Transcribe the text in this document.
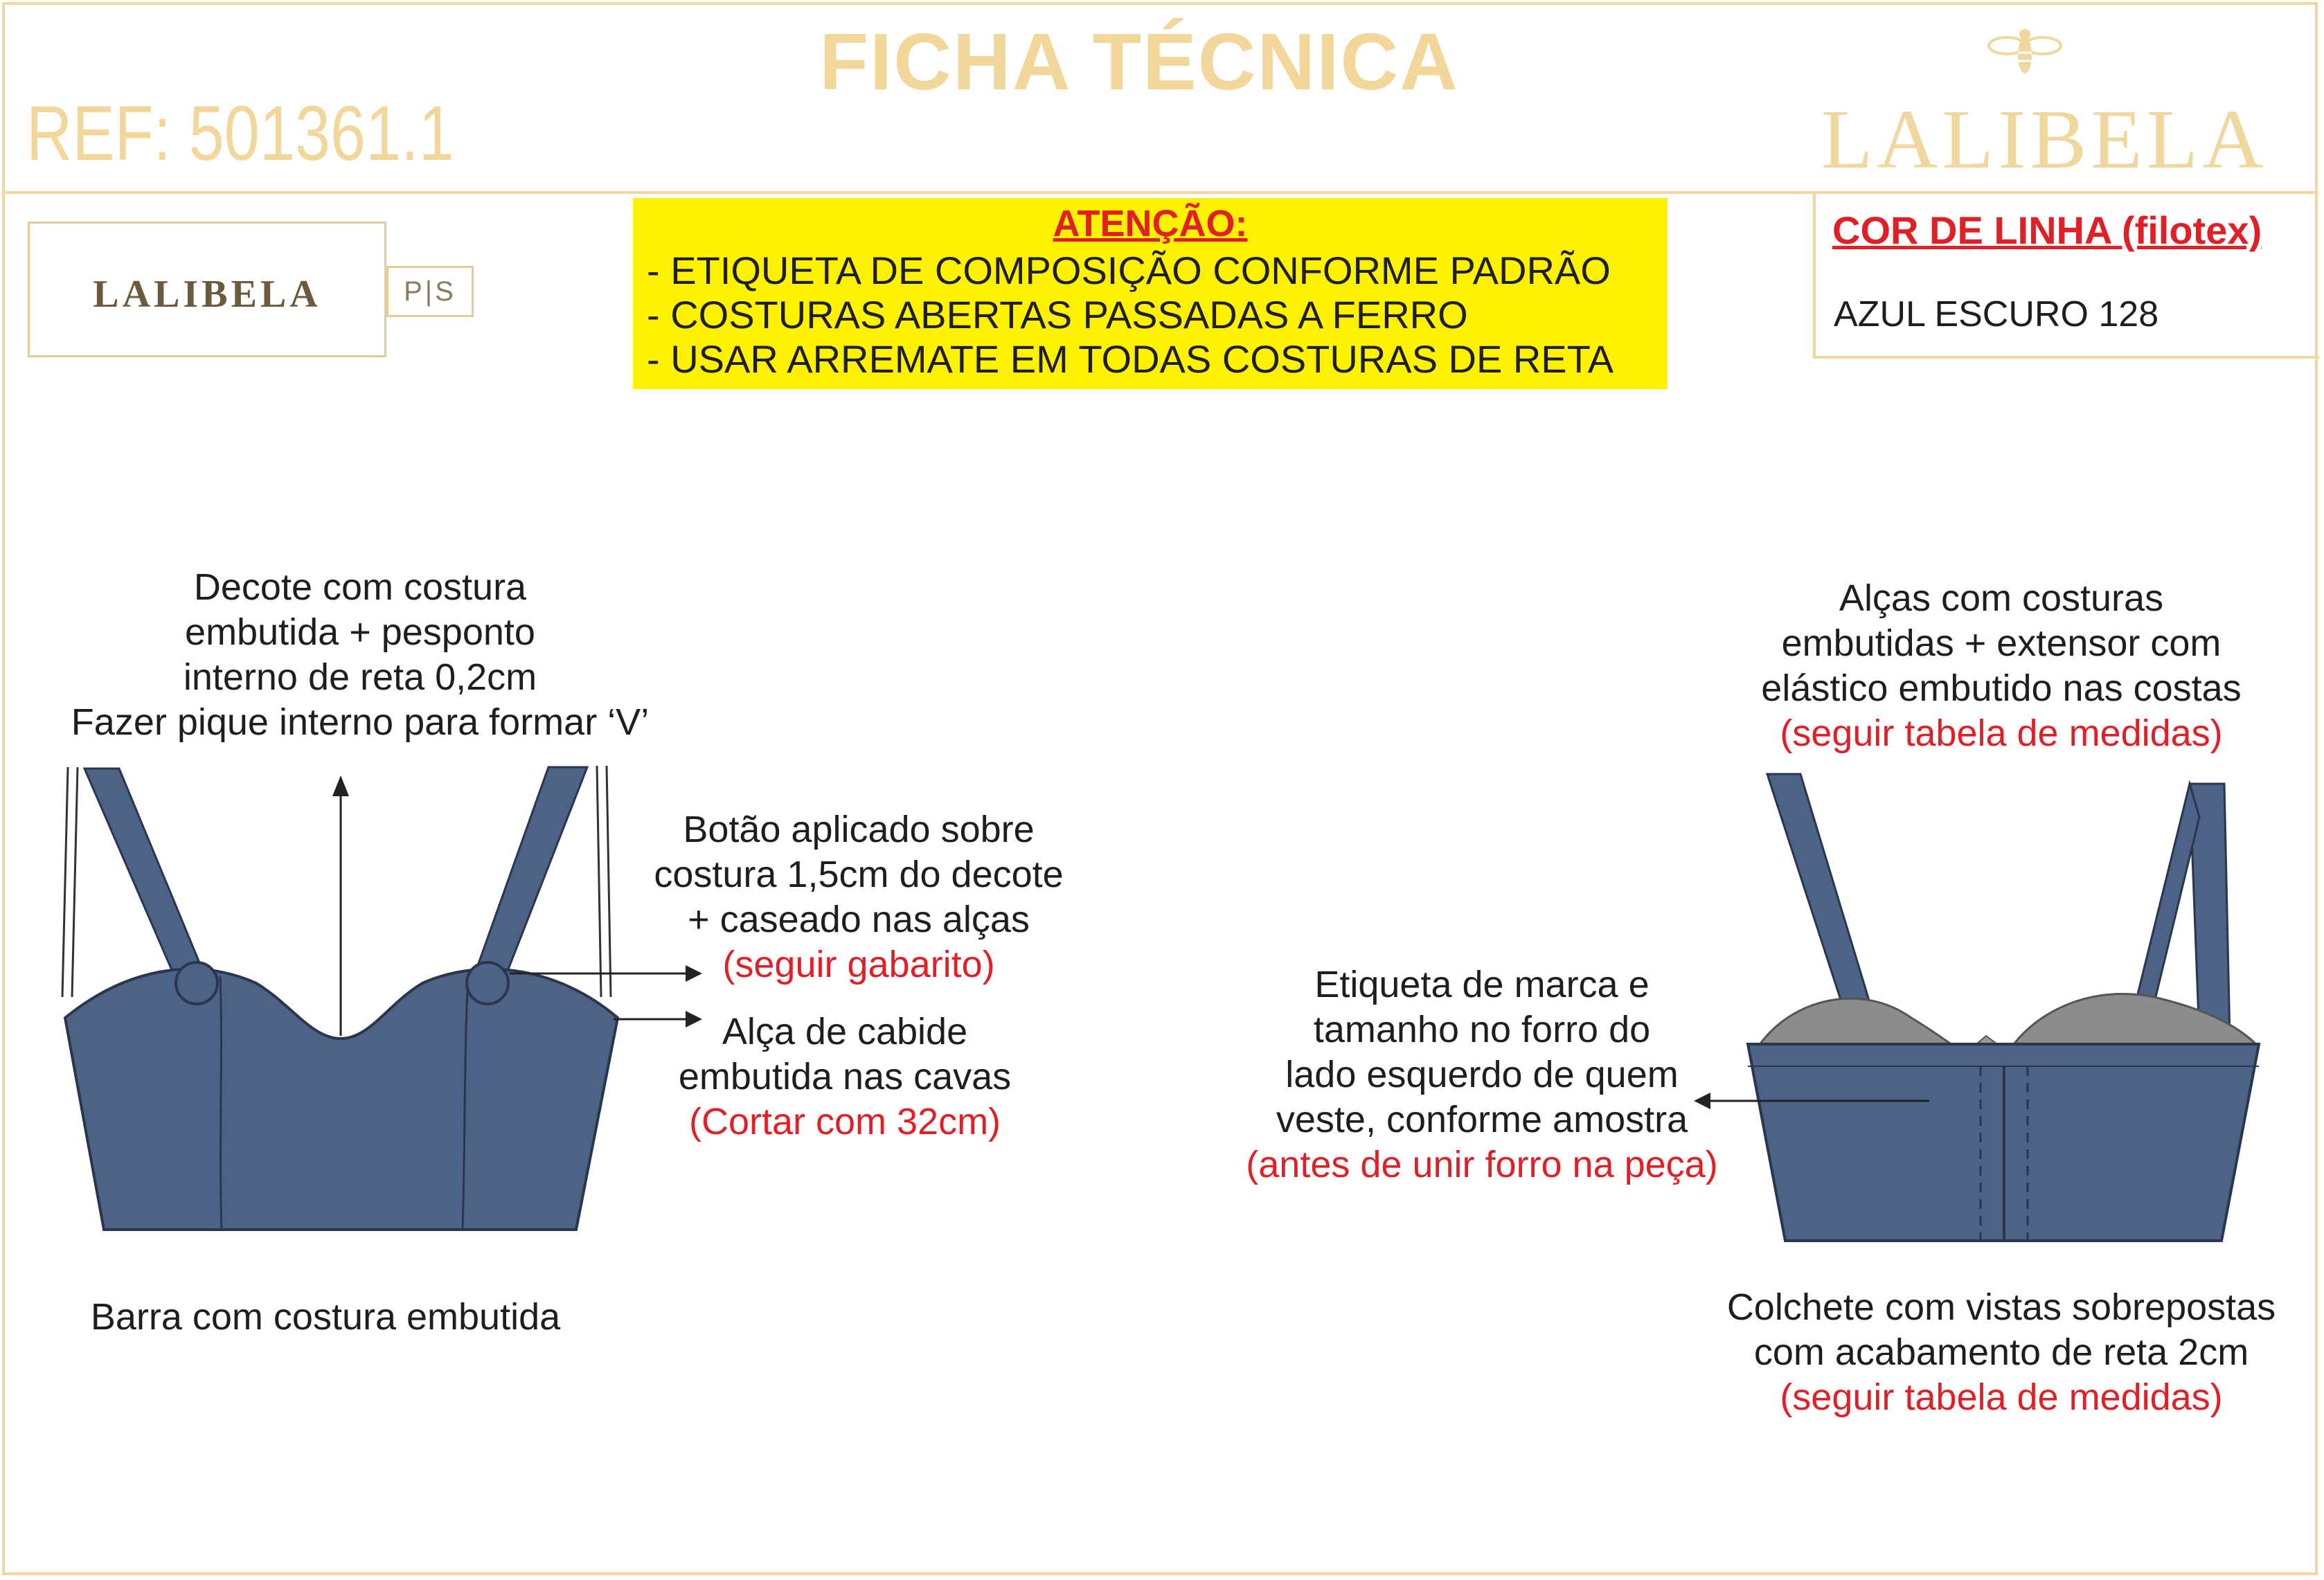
FICHA TÉCNICA
REF: 501361.1	LALIBELA
LALIBELA	P|S
ATENÇÃO:
- ETIQUETA DE COMPOSIÇÃO CONFORME PADRÃO
- COSTURAS ABERTAS PASSADAS A FERRO
- USAR ARREMATE EM TODAS COSTURAS DE RETA
COR DE LINHA (filotex)
AZUL ESCURO 128
Decote com costura
embutida + pesponto
interno de reta 0,2cm
Fazer pique interno para formar ‘V’
Botão aplicado sobre
costura 1,5cm do decote
+ caseado nas alças
(seguir gabarito)
Alça de cabide
embutida nas cavas
(Cortar com 32cm)
Barra com costura embutida
Alças com costuras
embutidas + extensor com
elástico embutido nas costas
(seguir tabela de medidas)
Etiqueta de marca e
tamanho no forro do
lado esquerdo de quem
veste, conforme amostra
(antes de unir forro na peça)
Colchete com vistas sobrepostas
com acabamento de reta 2cm
(seguir tabela de medidas)
